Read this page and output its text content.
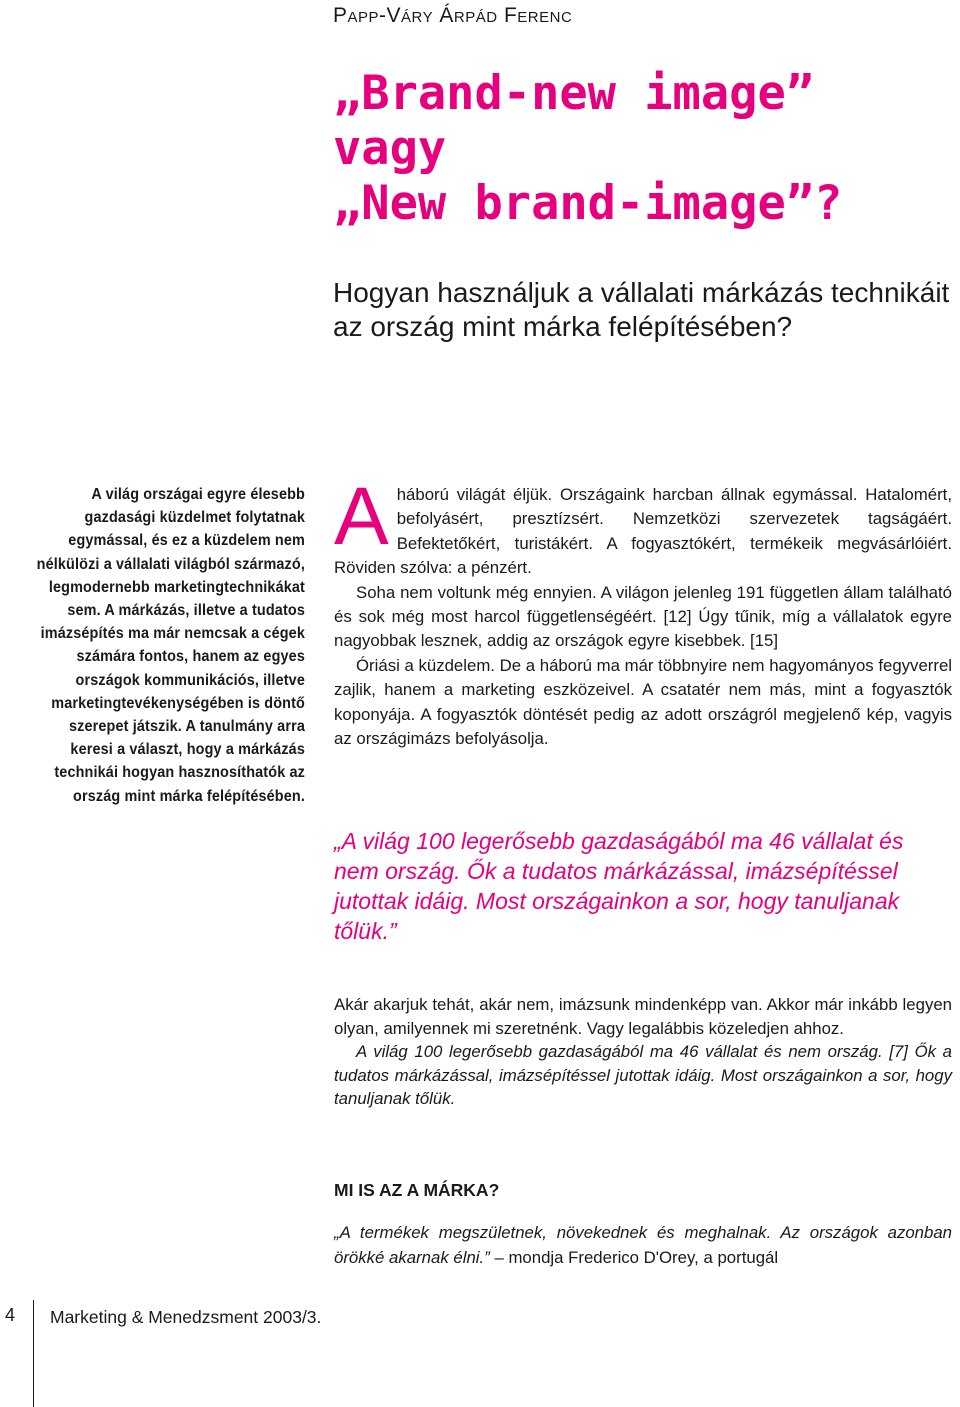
Papp-Váry Árpád Ferenc
„Brand-new image”
vagy
„New brand-image”?
Hogyan használjuk a vállalati márkázás technikáit az ország mint márka felépítésében?
A világ országai egyre élesebb gazdasági küzdelmet folytatnak egymással, és ez a küzdelem nem nélkülözi a vállalati világból származó, legmodernebb marketingtechnikákat sem. A márkázás, illetve a tudatos imázsépítés ma már nemcsak a cégek számára fontos, hanem az egyes országok kommunikációs, illetve marketingtevékenységében is döntő szerepet játszik. A tanulmány arra keresi a választ, hogy a márkázás technikái hogyan hasznosíthatók az ország mint márka felépítésében.

A háború világát éljük. Országaink harcban állnak egymással. Hatalomért, befolyásért, presztízsért. Nemzetközi szervezetek tagságáért. Befektetőkért, turistákért. A fogyasztókért, termékeik megvásárlóiért. Röviden szólva: a pénzért.

Soha nem voltunk még ennyien. A világon jelenleg 191 független állam található és sok még most harcol függetlenségéért. [12] Úgy tűnik, míg a vállalatok egyre nagyobbak lesznek, addig az országok egyre kisebbek. [15]

Óriási a küzdelem. De a háború ma már többnyire nem hagyományos fegyverrel zajlik, hanem a marketing eszközeivel. A csatatér nem más, mint a fogyasztók koponyája. A fogyasztók döntését pedig az adott országról megjelenő kép, vagyis az országimázs befolyásolja.

„A világ 100 legerősebb gazdaságából ma 46 vállalat és nem ország. Ők a tudatos márkázással, imázsépítéssel jutottak idáig. Most országainkon a sor, hogy tanuljanak tőlük.”

Akár akarjuk tehát, akár nem, imázsunk mindenképp van. Akkor már inkább legyen olyan, amilyennek mi szeretnénk. Vagy legalábbis közeledjen ahhoz.

A világ 100 legerősebb gazdaságából ma 46 vállalat és nem ország. [7] Ők a tudatos márkázással, imázsépítéssel jutottak idáig. Most országainkon a sor, hogy tanuljanak tőlük.

MI IS AZ A MÁRKA?

„A termékek megszületnek, növekednek és meghalnak. Az országok azonban örökké akarnak élni.” – mondja Frederico D'Orey, a portugál

4 Marketing & Menedzsment 2003/3.
